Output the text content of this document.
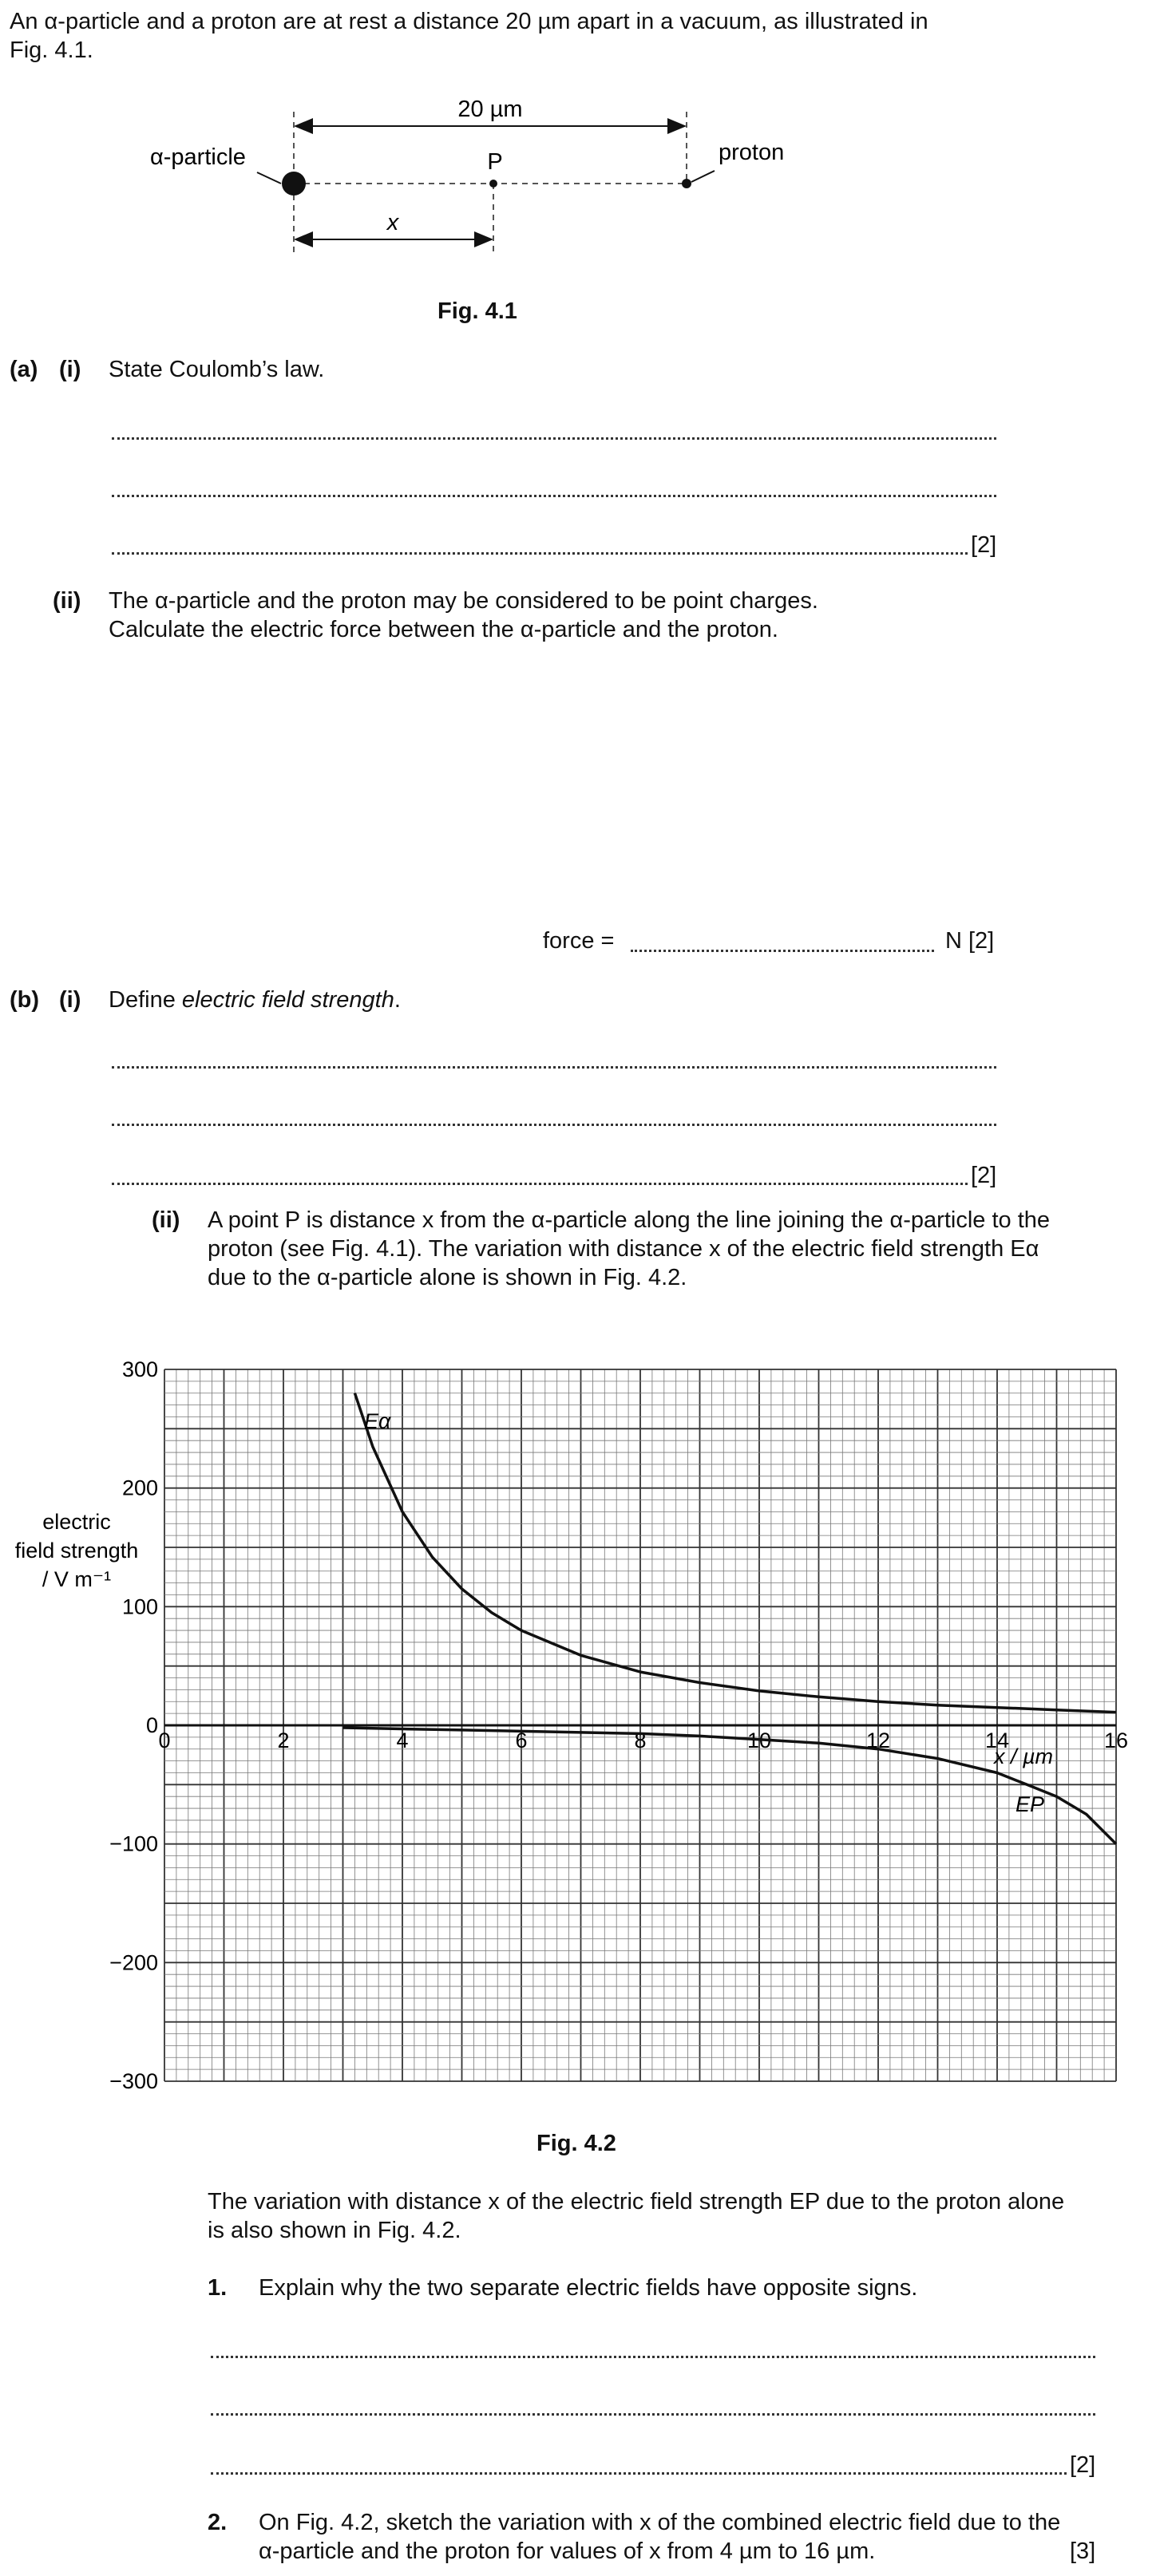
An α-particle and a proton are at rest a distance 20 µm apart in a vacuum, as illustrated in
Fig. 4.1.
20 µm
P
α-particle	proton
x
Fig. 4.1
(a) (i) State Coulomb’s law.
[2]
(ii) The α-particle and the proton may be considered to be point charges.
Calculate the electric force between the α-particle and the proton.
force =	N [2]
(b) (i) Define electric field strength.
[2]
(ii) A point P is distance x from the α-particle along the line joining the α-particle to the
proton (see Fig. 4.1). The variation with distance x of the electric field strength Eα
due to the α-particle alone is shown in Fig. 4.2.
0	2	4	6	8	10	12	14	16
300
200
100
0
−100
−200
−300
electric
field strength
/ V m⁻¹
x / µm
Eα
EP
Fig. 4.2
The variation with distance x of the electric field strength EP due to the proton alone
is also shown in Fig. 4.2.
1. Explain why the two separate electric fields have opposite signs.
[2]
2. On Fig. 4.2, sketch the variation with x of the combined electric field due to the
α-particle and the proton for values of x from 4 µm to 16 µm.	[3]
